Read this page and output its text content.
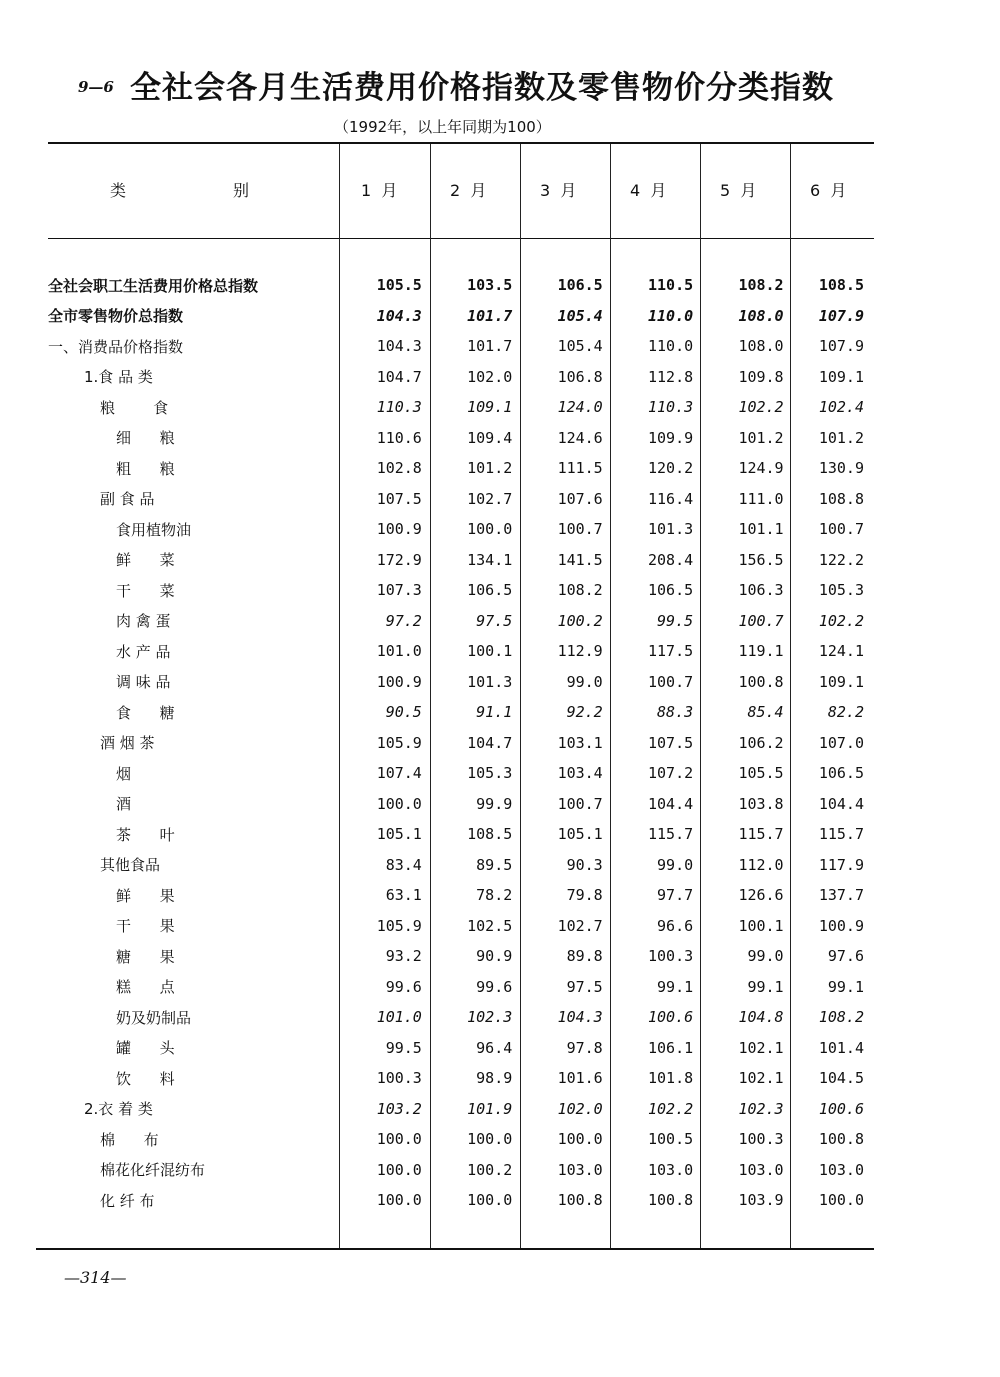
9—6 全社会各月生活费用价格指数及零售物价分类指数
（1992年，以上年同期为100）
类	别	1  月	2  月	3  月	4  月	5  月	6  月
全社会职工生活费用价格总指数	105.5	103.5	106.5	110.5	108.2	108.5
全市零售物价总指数	104.3	101.7	105.4	110.0	108.0	107.9
一、消费品价格指数	104.3	101.7	105.4	110.0	108.0	107.9
1.食 品 类	104.7	102.0	106.8	112.8	109.8	109.1
粮        食	110.3	109.1	124.0	110.3	102.2	102.4
细      粮	110.6	109.4	124.6	109.9	101.2	101.2
粗      粮	102.8	101.2	111.5	120.2	124.9	130.9
副 食 品	107.5	102.7	107.6	116.4	111.0	108.8
食用植物油	100.9	100.0	100.7	101.3	101.1	100.7
鲜      菜	172.9	134.1	141.5	208.4	156.5	122.2
干      菜	107.3	106.5	108.2	106.5	106.3	105.3
肉 禽 蛋	97.2	97.5	100.2	99.5	100.7	102.2
水 产 品	101.0	100.1	112.9	117.5	119.1	124.1
调 味 品	100.9	101.3	99.0	100.7	100.8	109.1
食      糖	90.5	91.1	92.2	88.3	85.4	82.2
酒 烟 茶	105.9	104.7	103.1	107.5	106.2	107.0
烟	107.4	105.3	103.4	107.2	105.5	106.5
酒	100.0	99.9	100.7	104.4	103.8	104.4
茶      叶	105.1	108.5	105.1	115.7	115.7	115.7
其他食品	83.4	89.5	90.3	99.0	112.0	117.9
鲜      果	63.1	78.2	79.8	97.7	126.6	137.7
干      果	105.9	102.5	102.7	96.6	100.1	100.9
糖      果	93.2	90.9	89.8	100.3	99.0	97.6
糕      点	99.6	99.6	97.5	99.1	99.1	99.1
奶及奶制品	101.0	102.3	104.3	100.6	104.8	108.2
罐      头	99.5	96.4	97.8	106.1	102.1	101.4
饮      料	100.3	98.9	101.6	101.8	102.1	104.5
2.衣 着 类	103.2	101.9	102.0	102.2	102.3	100.6
棉      布	100.0	100.0	100.0	100.5	100.3	100.8
棉花化纤混纺布	100.0	100.2	103.0	103.0	103.0	103.0
化 纤 布	100.0	100.0	100.8	100.8	103.9	100.0
—314—
